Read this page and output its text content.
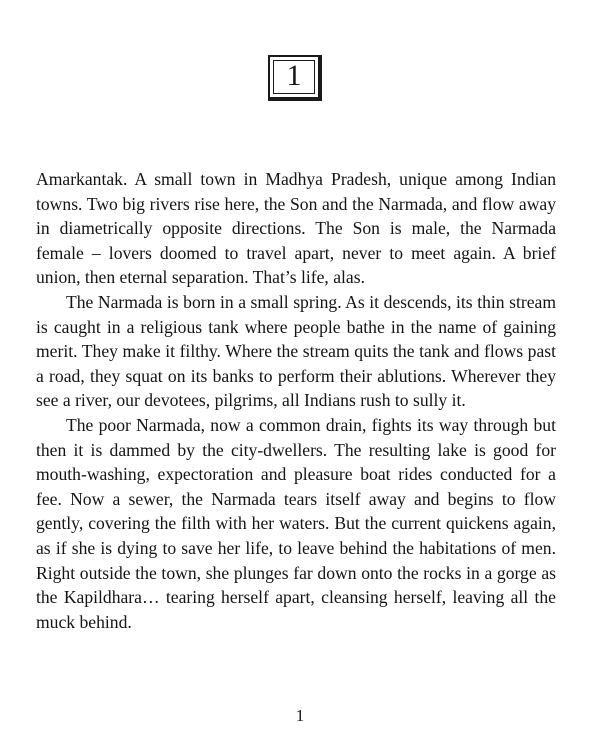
1

Amarkantak. A small town in Madhya Pradesh, unique among Indian towns. Two big rivers rise here, the Son and the Narmada, and flow away in diametrically opposite directions. The Son is male, the Narmada female – lovers doomed to travel apart, never to meet again. A brief union, then eternal separation. That’s life, alas.

The Narmada is born in a small spring. As it descends, its thin stream is caught in a religious tank where people bathe in the name of gaining merit. They make it filthy. Where the stream quits the tank and flows past a road, they squat on its banks to perform their ablutions. Wherever they see a river, our devotees, pilgrims, all Indians rush to sully it.

The poor Narmada, now a common drain, fights its way through but then it is dammed by the city-dwellers. The resulting lake is good for mouth-washing, expectoration and pleasure boat rides conducted for a fee. Now a sewer, the Narmada tears itself away and begins to flow gently, covering the filth with her waters. But the current quickens again, as if she is dying to save her life, to leave behind the habitations of men. Right outside the town, she plunges far down onto the rocks in a gorge as the Kapildhara… tearing herself apart, cleansing herself, leaving all the muck behind.

1
